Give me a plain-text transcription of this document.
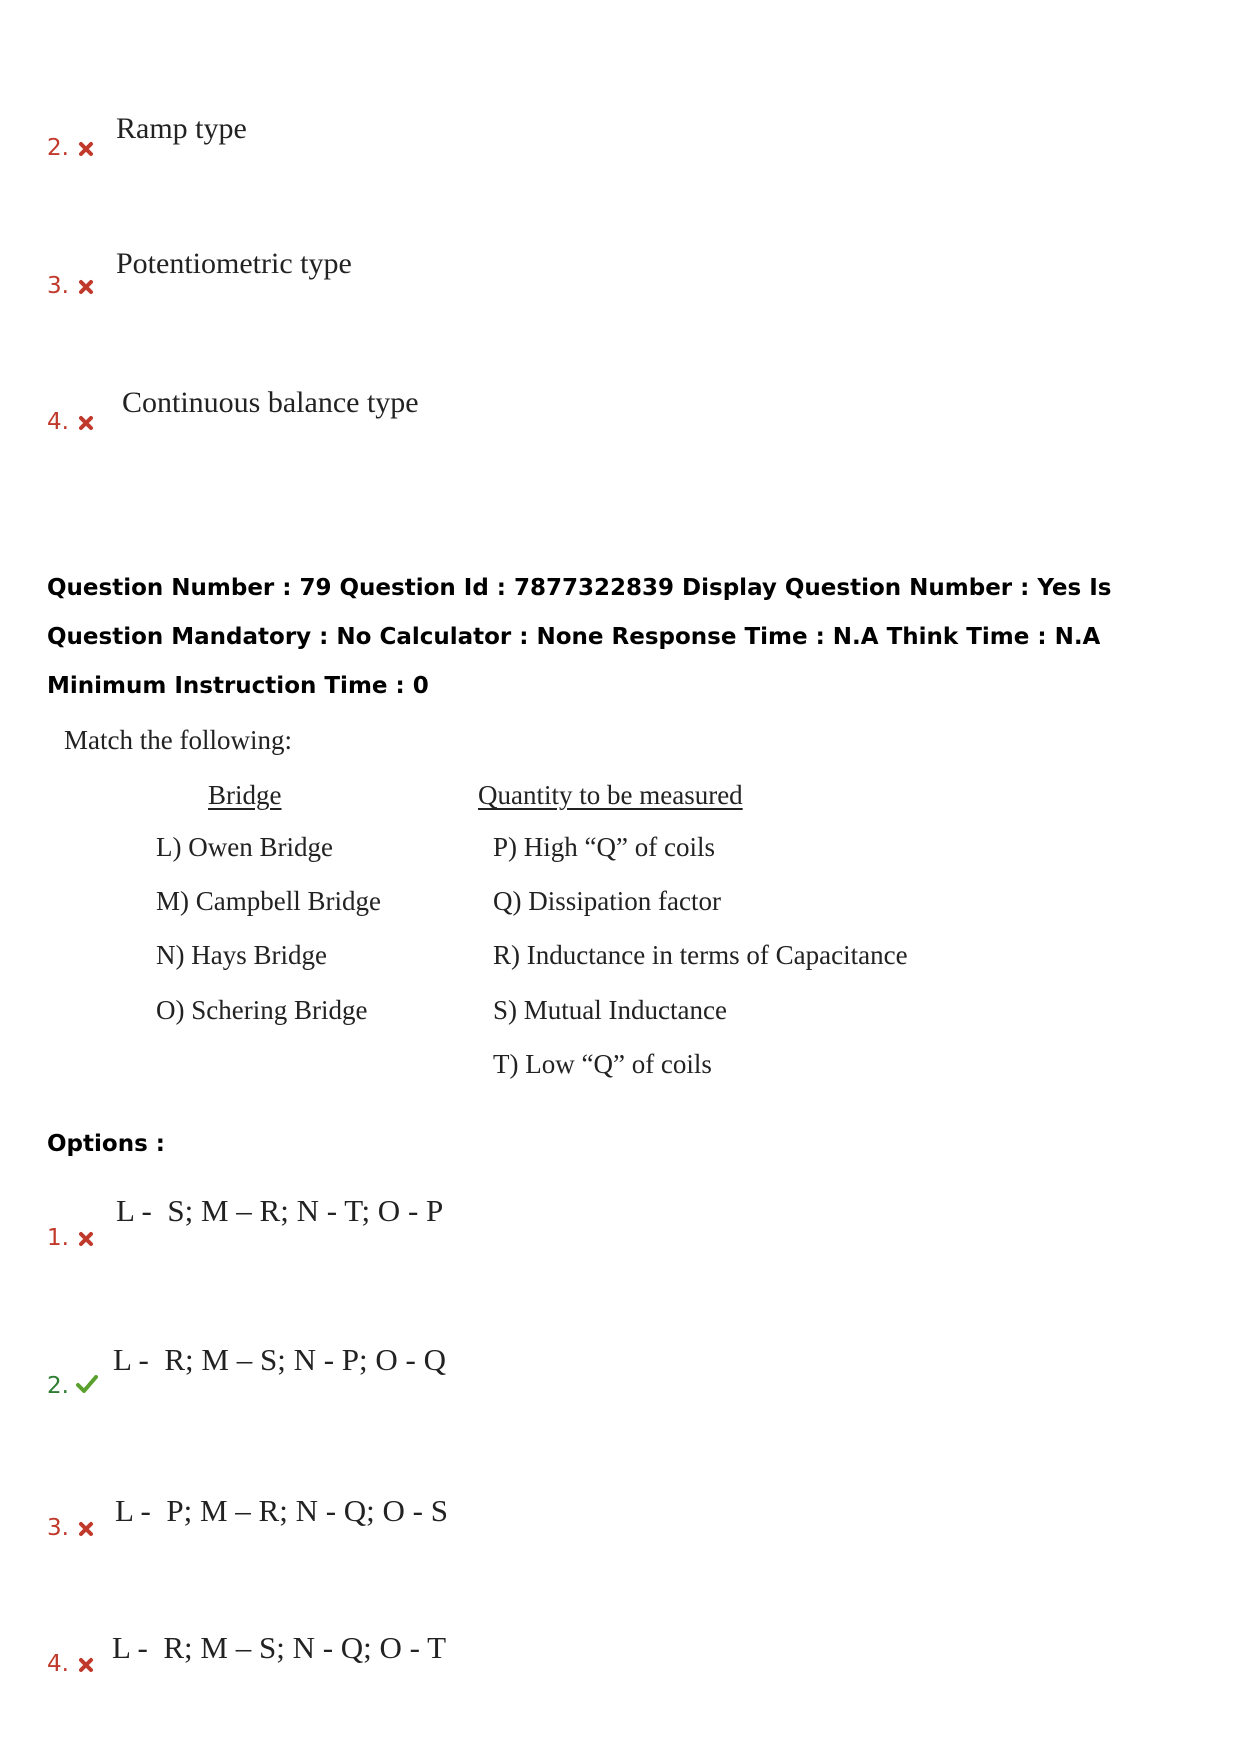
2.
Ramp type
3.
Potentiometric type
4.
Continuous balance type
Question Number : 79 Question Id : 7877322839 Display Question Number : Yes Is Question Mandatory : No Calculator : None Response Time : N.A Think Time : N.A Minimum Instruction Time : 0
Match the following:
Bridge	Quantity to be measured
L) Owen Bridge
M) Campbell Bridge
N) Hays Bridge
O) Schering Bridge
P) High “Q” of coils
Q) Dissipation factor
R) Inductance in terms of Capacitance
S) Mutual Inductance
T) Low “Q” of coils
Options :
1.
L -  S; M – R; N - T; O - P
2.
L -  R; M – S; N - P; O - Q
3. L -  P; M – R; N - Q; O - S
4. L -  R; M – S; N - Q; O - T
